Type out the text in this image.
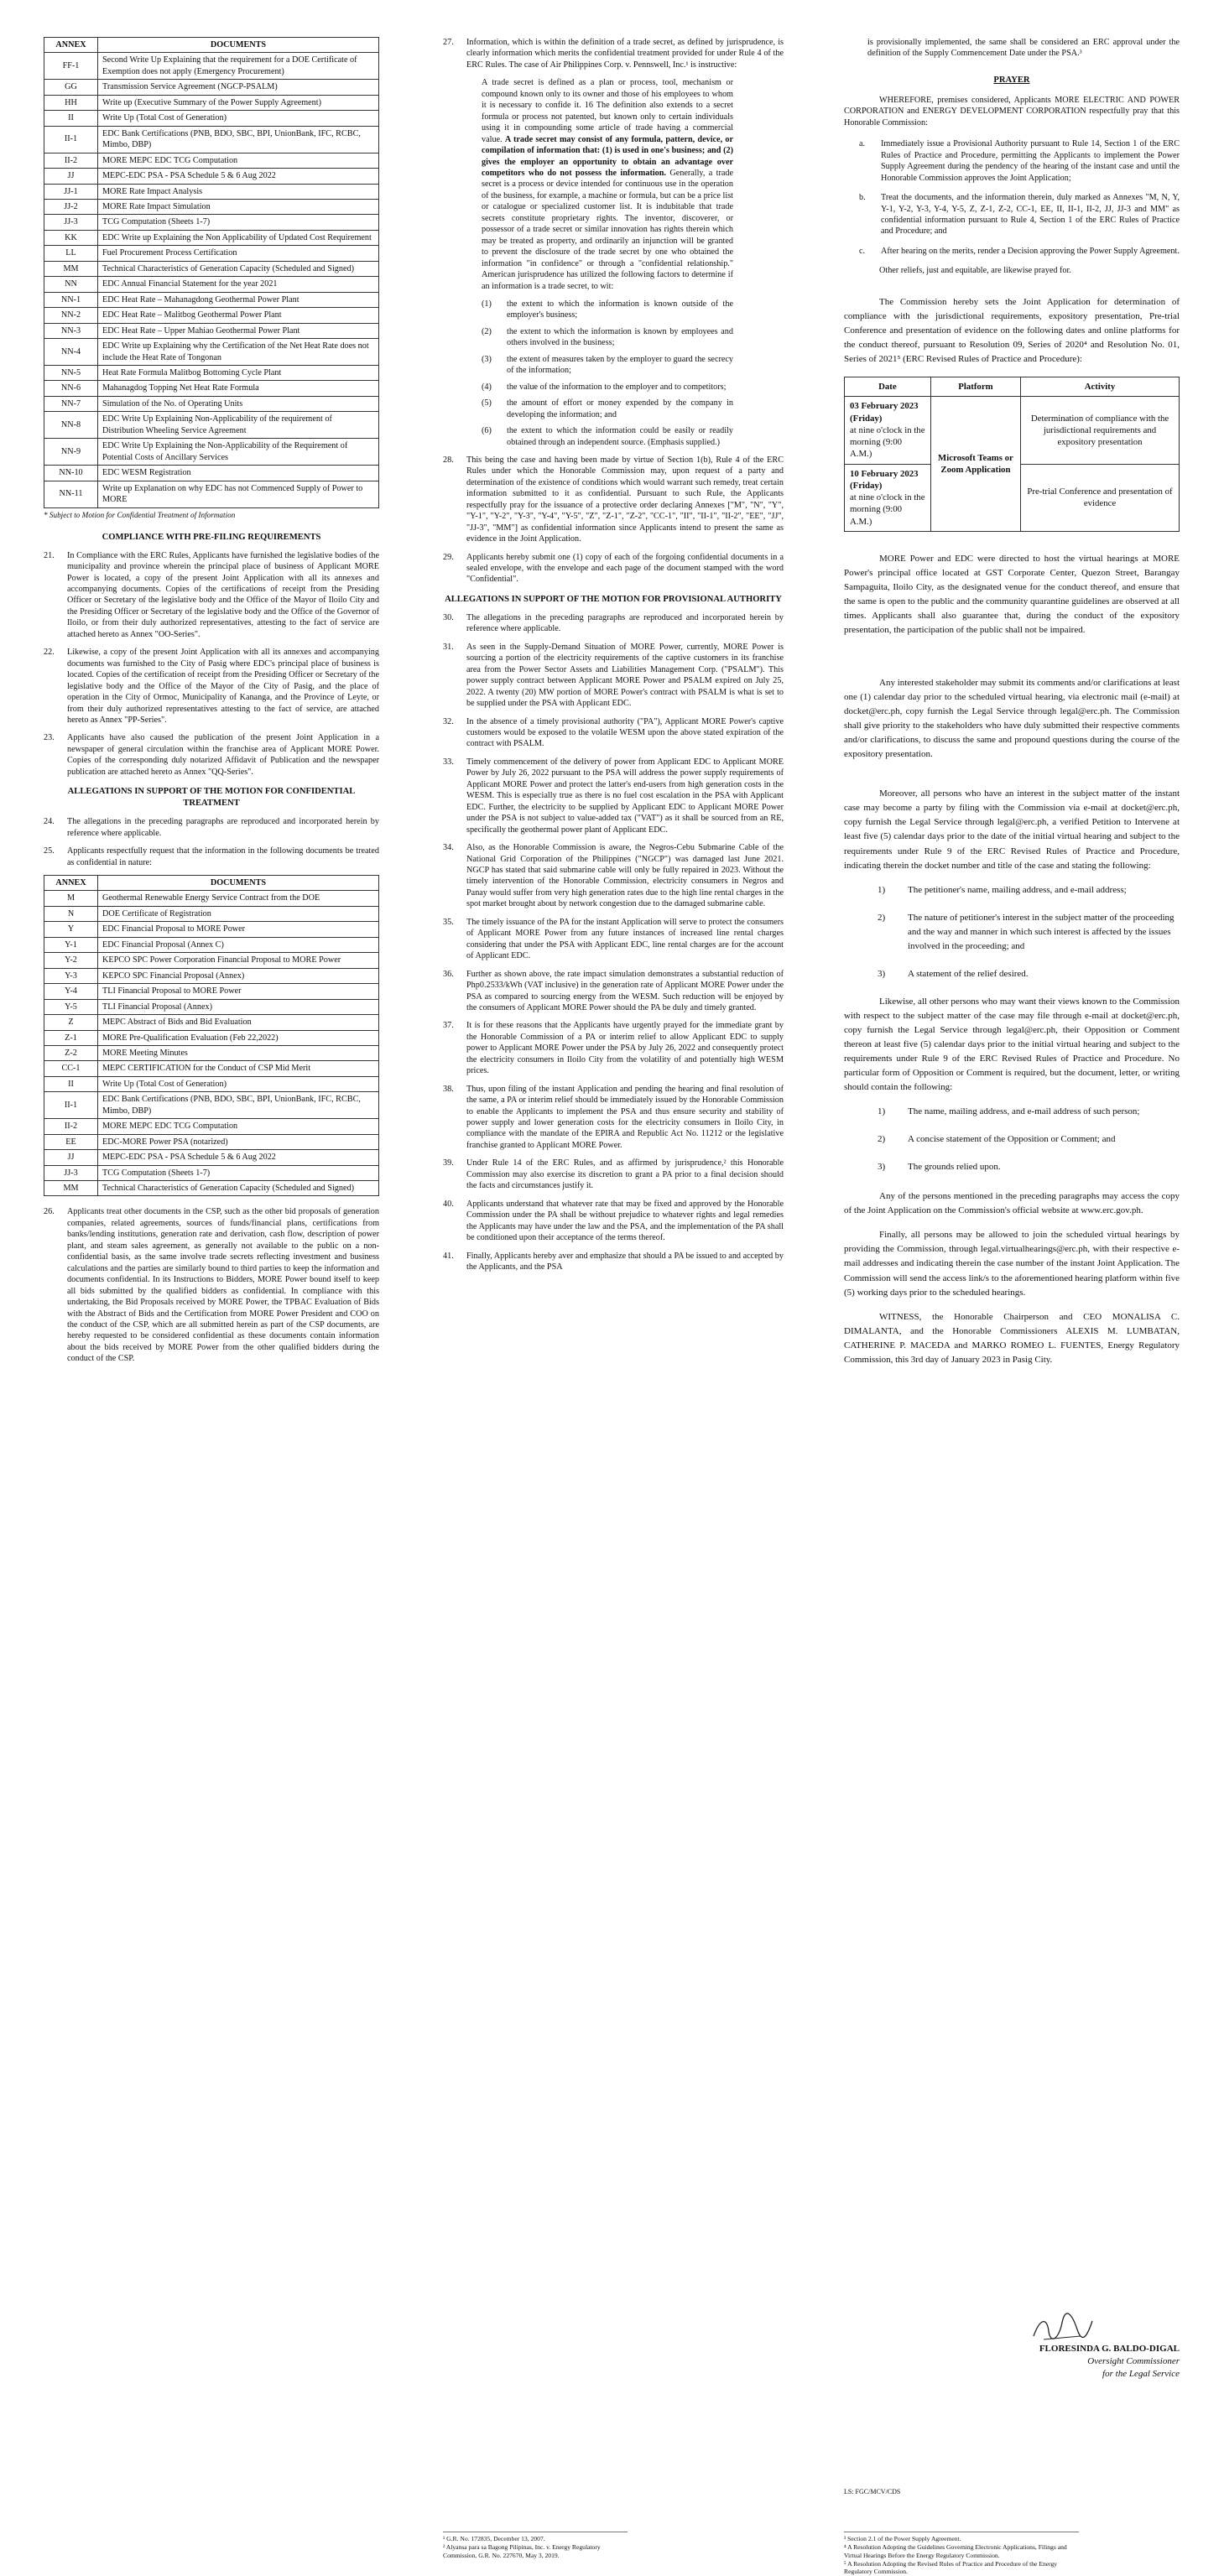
ANNEX	DOCUMENTS
FF-1	Second Write Up Explaining that the requirement for a DOE Certificate of Exemption does not apply (Emergency Procurement)
GG	Transmission Service Agreement (NGCP-PSALM)
HH	Write up (Executive Summary of the Power Supply Agreement)
II	Write Up (Total Cost of Generation)
II-1	EDC Bank Certifications (PNB, BDO, SBC, BPI, UnionBank, IFC, RCBC, Mimbo, DBP)
II-2	MORE MEPC EDC TCG Computation
JJ	MEPC-EDC PSA - PSA Schedule 5 & 6 Aug 2022
JJ-1	MORE Rate Impact Analysis
JJ-2	MORE Rate Impact Simulation
JJ-3	TCG Computation (Sheets 1-7)
KK	EDC Write up Explaining the Non Applicability of Updated Cost Requirement
LL	Fuel Procurement Process Certification
MM	Technical Characteristics of Generation Capacity (Scheduled and Signed)
NN	EDC Annual Financial Statement for the year 2021
NN-1	EDC Heat Rate – Mahanagdong Geothermal Power Plant
NN-2	EDC Heat Rate – Malitbog Geothermal Power Plant
NN-3	EDC Heat Rate – Upper Mahiao Geothermal Power Plant
NN-4	EDC Write up Explaining why the Certification of the Net Heat Rate does not include the Heat Rate of Tongonan
NN-5	Heat Rate Formula Malitbog Bottoming Cycle Plant
NN-6	Mahanagdog Topping Net Heat Rate Formula
NN-7	Simulation of the No. of Operating Units
NN-8	EDC Write Up Explaining Non-Applicability of the requirement of Distribution Wheeling Service Agreement
NN-9	EDC Write Up Explaining the Non-Applicability of the Requirement of Potential Costs of Ancillary Services
NN-10	EDC WESM Registration
NN-11	Write up Explanation on why EDC has not Commenced Supply of Power to MORE
* Subject to Motion for Confidential Treatment of Information
COMPLIANCE WITH PRE-FILING REQUIREMENTS
21.	In Compliance with the ERC Rules, Applicants have furnished the legislative bodies of the municipality and province wherein the principal place of business of Applicant MORE Power is located, a copy of the present Joint Application with all its annexes and accompanying documents. Copies of the certifications of receipt from the Presiding Officer or Secretary of the legislative body and the Office of the Mayor of Iloilo City and the Presiding Officer or Secretary of the legislative body and the Office of the Governor of Iloilo, or from their duly authorized representatives, attesting to the fact of service are attached hereto as Annex "OO-Series".
22.	Likewise, a copy of the present Joint Application with all its annexes and accompanying documents was furnished to the City of Pasig where EDC's principal place of business is located. Copies of the certification of receipt from the Presiding Officer or Secretary of the legislative body and the Office of the Mayor of the City of Pasig, and the place of operation in the City of Ormoc, Municipality of Kananga, and the Province of Leyte, or from their duly authorized representatives attesting to the fact of service, are attached hereto as Annex "PP-Series".
23.	Applicants have also caused the publication of the present Joint Application in a newspaper of general circulation within the franchise area of Applicant MORE Power. Copies of the corresponding duly notarized Affidavit of Publication and the newspaper publication are attached hereto as Annex "QQ-Series".
ALLEGATIONS IN SUPPORT OF THE MOTION FOR CONFIDENTIAL TREATMENT
24.	The allegations in the preceding paragraphs are reproduced and incorporated herein by reference where applicable.
25.	Applicants respectfully request that the information in the following documents be treated as confidential in nature:
ANNEX	DOCUMENTS
M	Geothermal Renewable Energy Service Contract from the DOE
N	DOE Certificate of Registration
Y	EDC Financial Proposal to MORE Power
Y-1	EDC Financial Proposal (Annex C)
Y-2	KEPCO SPC Power Corporation Financial Proposal to MORE Power
Y-3	KEPCO SPC Financial Proposal (Annex)
Y-4	TLI Financial Proposal to MORE Power
Y-5	TLI Financial Proposal (Annex)
Z	MEPC Abstract of Bids and Bid Evaluation
Z-1	MORE Pre-Qualification Evaluation (Feb 22,2022)
Z-2	MORE Meeting Minutes
CC-1	MEPC CERTIFICATION for the Conduct of CSP Mid Merit
II	Write Up (Total Cost of Generation)
II-1	EDC Bank Certifications (PNB, BDO, SBC, BPI, UnionBank, IFC, RCBC, Mimbo, DBP)
II-2	MORE MEPC EDC TCG Computation
EE	EDC-MORE Power PSA (notarized)
JJ	MEPC-EDC PSA - PSA Schedule 5 & 6 Aug 2022
JJ-3	TCG Computation (Sheets 1-7)
MM	Technical Characteristics of Generation Capacity (Scheduled and Signed)
26.	Applicants treat other documents in the CSP, such as the other bid proposals of generation companies, related agreements, sources of funds/financial plans, certifications from banks/lending institutions, generation rate and derivation, cash flow, description of power plant, and steam sales agreement, as generally not available to the public on a non-confidential basis, as the same involve trade secrets reflecting investment and business calculations and the parties are similarly bound to third parties to keep the information and documents confidential. In its Instructions to Bidders, MORE Power bound itself to keep all bids submitted by the qualified bidders as confidential. In compliance with this undertaking, the Bid Proposals received by MORE Power, the TPBAC Evaluation of Bids with the Abstract of Bids and the Certification from MORE Power President and COO on the conduct of the CSP, which are all submitted herein as part of the CSP documents, are hereby requested to be considered confidential as these documents contain information about the bids received by MORE Power from the other qualified bidders during the conduct of the CSP.
27.	Information, which is within the definition of a trade secret, as defined by jurisprudence, is clearly information which merits the confidential treatment provided for under Rule 4 of the ERC Rules. The case of Air Philippines Corp. v. Pennswell, Inc.¹ is instructive:
A trade secret is defined as a plan or process, tool, mechanism or compound known only to its owner and those of his employees to whom it is necessary to confide it. 16 The definition also extends to a secret formula or process not patented, but known only to certain individuals using it in compounding some article of trade having a commercial value. A trade secret may consist of any formula, pattern, device, or compilation of information that: (1) is used in one's business; and (2) gives the employer an opportunity to obtain an advantage over competitors who do not possess the information. Generally, a trade secret is a process or device intended for continuous use in the operation of the business, for example, a machine or formula, but can be a price list or catalogue or specialized customer list. It is indubitable that trade secrets constitute proprietary rights. The inventor, discoverer, or possessor of a trade secret or similar innovation has rights therein which may be treated as property, and ordinarily an injunction will be granted to prevent the disclosure of the trade secret by one who obtained the information "in confidence" or through a "confidential relationship." American jurisprudence has utilized the following factors to determine if an information is a trade secret, to wit:
(1)	the extent to which the information is known outside of the employer's business;
(2)	the extent to which the information is known by employees and others involved in the business;
(3)	the extent of measures taken by the employer to guard the secrecy of the information;
(4)	the value of the information to the employer and to competitors;
(5)	the amount of effort or money expended by the company in developing the information; and
(6)	the extent to which the information could be easily or readily obtained through an independent source. (Emphasis supplied.)
28.	This being the case and having been made by virtue of Section 1(b), Rule 4 of the ERC Rules under which the Honorable Commission may, upon request of a party and determination of the existence of conditions which would warrant such remedy, treat certain information submitted to it as confidential. Pursuant to such Rule, the Applicants respectfully pray for the issuance of a protective order declaring Annexes ["M", "N", "Y", "Y-1", "Y-2", "Y-3", "Y-4", "Y-5", "Z", "Z-1", "Z-2", "CC-1", "II", "II-1", "II-2", "EE", "JJ", "JJ-3", "MM"] as confidential information since Applicants intend to present the same as evidence in the Joint Application.
29.	Applicants hereby submit one (1) copy of each of the forgoing confidential documents in a sealed envelope, with the envelope and each page of the document stamped with the word "Confidential".
ALLEGATIONS IN SUPPORT OF THE MOTION FOR PROVISIONAL AUTHORITY
30.	The allegations in the preceding paragraphs are reproduced and incorporated herein by reference where applicable.
31.	As seen in the Supply-Demand Situation of MORE Power, currently, MORE Power is sourcing a portion of the electricity requirements of the captive customers in its franchise area from the Power Sector Assets and Liabilities Management Corp. ("PSALM"). This power supply contract between Applicant MORE Power and PSALM expired on July 25, 2022. A twenty (20) MW portion of MORE Power's contract with PSALM is what is set to be supplied under the PSA with Applicant EDC.
32.	In the absence of a timely provisional authority ("PA"), Applicant MORE Power's captive customers would be exposed to the volatile WESM upon the above stated expiration of the contract with PSALM.
33.	Timely commencement of the delivery of power from Applicant EDC to Applicant MORE Power by July 26, 2022 pursuant to the PSA will address the power supply requirements of Applicant MORE Power and protect the latter's end-users from high generation costs in the WESM. This is especially true as there is no fuel cost escalation in the PSA with Applicant EDC. Further, the electricity to be supplied by Applicant EDC to Applicant MORE Power under the PSA is not subject to value-added tax ("VAT") as it shall be sourced from an RE, specifically the geothermal power plant of Applicant EDC.
34.	Also, as the Honorable Commission is aware, the Negros-Cebu Submarine Cable of the National Grid Corporation of the Philippines ("NGCP") was damaged last June 2021. NGCP has stated that said submarine cable will only be fully repaired in 2023. Without the timely intervention of the Honorable Commission, electricity consumers in Negros and Panay would suffer from very high generation rates due to the high line rental charges in the spot market brought about by network congestion due to the damaged submarine cable.
35.	The timely issuance of the PA for the instant Application will serve to protect the consumers of Applicant MORE Power from any future instances of increased line rental charges considering that under the PSA with Applicant EDC, line rental charges are for the account of Applicant EDC.
36.	Further as shown above, the rate impact simulation demonstrates a substantial reduction of Php0.2533/kWh (VAT inclusive) in the generation rate of Applicant MORE Power under the PSA as compared to sourcing energy from the WESM. Such reduction will be enjoyed by the consumers of Applicant MORE Power should the PA be duly and timely granted.
37.	It is for these reasons that the Applicants have urgently prayed for the immediate grant by the Honorable Commission of a PA or interim relief to allow Applicant EDC to supply power to Applicant MORE Power under the PSA by July 26, 2022 and consequently protect the electricity consumers in Iloilo City from the volatility of and potentially high WESM prices.
38.	Thus, upon filing of the instant Application and pending the hearing and final resolution of the same, a PA or interim relief should be immediately issued by the Honorable Commission to enable the Applicants to implement the PSA and thus ensure security and stability of power supply and lower generation costs for the electricity consumers in Iloilo City, in compliance with the mandate of the EPIRA and Republic Act No. 11212 or the legislative franchise granted to Applicant MORE Power.
39.	Under Rule 14 of the ERC Rules, and as affirmed by jurisprudence,² this Honorable Commission may also exercise its discretion to grant a PA prior to a final decision should the facts and circumstances justify it.
40.	Applicants understand that whatever rate that may be fixed and approved by the Honorable Commission under the PA shall be without prejudice to whatever rights and legal remedies the Applicants may have under the law and the PSA, and the implementation of the PA shall be conditioned upon their acceptance of the terms thereof.
41.	Finally, Applicants hereby aver and emphasize that should a PA be issued to and accepted by the Applicants, and the PSA
¹ G.R. No. 172835, December 13, 2007.
² Alyansa para sa Bagong Pilipinas, Inc. v. Energy Regulatory Commission, G.R. No. 227670, May 3, 2019.
is provisionally implemented, the same shall be considered an ERC approval under the definition of the Supply Commencement Date under the PSA.³
PRAYER
WHEREFORE, premises considered, Applicants MORE ELECTRIC AND POWER CORPORATION and ENERGY DEVELOPMENT CORPORATION respectfully pray that this Honorable Commission:
a.	Immediately issue a Provisional Authority pursuant to Rule 14, Section 1 of the ERC Rules of Practice and Procedure, permitting the Applicants to implement the Power Supply Agreement during the pendency of the hearing of the instant case and until the Honorable Commission approves the Joint Application;
b.	Treat the documents, and the information therein, duly marked as Annexes "M, N, Y, Y-1, Y-2, Y-3, Y-4, Y-5, Z, Z-1, Z-2, CC-1, EE, II, II-1, II-2, JJ, JJ-3 and MM" as confidential information pursuant to Rule 4, Section 1 of the ERC Rules of Practice and Procedure; and
c.	After hearing on the merits, render a Decision approving the Power Supply Agreement.
Other reliefs, just and equitable, are likewise prayed for.
The Commission hereby sets the Joint Application for determination of compliance with the jurisdictional requirements, expository presentation, Pre-trial Conference and presentation of evidence on the following dates and online platforms for the conduct thereof, pursuant to Resolution 09, Series of 2020⁴ and Resolution No. 01, Series of 2021⁵ (ERC Revised Rules of Practice and Procedure):
Date	Platform	Activity
03 February 2023 (Friday)
at nine o'clock in the morning (9:00 A.M.)	Microsoft Teams or Zoom Application	Determination of compliance with the jurisdictional requirements and expository presentation
10 February 2023 (Friday)
at nine o'clock in the morning (9:00 A.M.)		Pre-trial Conference and presentation of evidence
MORE Power and EDC were directed to host the virtual hearings at MORE Power's principal office located at GST Corporate Center, Quezon Street, Barangay Sampaguita, Iloilo City, as the designated venue for the conduct thereof, and ensure that the same is open to the public and the community quarantine guidelines are observed at all times. Applicants shall also guarantee that, during the conduct of the expository presentation, the participation of the public shall not be impaired.
Any interested stakeholder may submit its comments and/or clarifications at least one (1) calendar day prior to the scheduled virtual hearing, via electronic mail (e-mail) at docket@erc.ph, copy furnish the Legal Service through legal@erc.ph. The Commission shall give priority to the stakeholders who have duly submitted their respective comments and/or clarifications, to discuss the same and propound questions during the course of the expository presentation.
Moreover, all persons who have an interest in the subject matter of the instant case may become a party by filing with the Commission via e-mail at docket@erc.ph, copy furnish the Legal Service through legal@erc.ph, a verified Petition to Intervene at least five (5) calendar days prior to the date of the initial virtual hearing and subject to the requirements under Rule 9 of the ERC Revised Rules of Practice and Procedure, indicating therein the docket number and title of the case and stating the following:
1)	The petitioner's name, mailing address, and e-mail address;
2)	The nature of petitioner's interest in the subject matter of the proceeding and the way and manner in which such interest is affected by the issues involved in the proceeding; and
3)	A statement of the relief desired.
Likewise, all other persons who may want their views known to the Commission with respect to the subject matter of the case may file through e-mail at docket@erc.ph, copy furnish the Legal Service through legal@erc.ph, their Opposition or Comment thereon at least five (5) calendar days prior to the initial virtual hearing and subject to the requirements under Rule 9 of the ERC Revised Rules of Practice and Procedure. No particular form of Opposition or Comment is required, but the document, letter, or writing should contain the following:
1)	The name, mailing address, and e-mail address of such person;
2)	A concise statement of the Opposition or Comment; and
3)	The grounds relied upon.
Any of the persons mentioned in the preceding paragraphs may access the copy of the Joint Application on the Commission's official website at www.erc.gov.ph.
Finally, all persons may be allowed to join the scheduled virtual hearings by providing the Commission, through legal.virtualhearings@erc.ph, with their respective e-mail addresses and indicating therein the case number of the instant Joint Application. The Commission will send the access link/s to the aforementioned hearing platform within five (5) working days prior to the scheduled hearings.
WITNESS, the Honorable Chairperson and CEO MONALISA C. DIMALANTA, and the Honorable Commissioners ALEXIS M. LUMBATAN, CATHERINE P. MACEDA and MARKO ROMEO L. FUENTES, Energy Regulatory Commission, this 3rd day of January 2023 in Pasig City.
FLORESINDA G. BALDO-DIGAL
Oversight Commissioner
for the Legal Service
LS: FGC/MCV/CDS
³ Section 2.1 of the Power Supply Agreement.
⁴ A Resolution Adopting the Guidelines Governing Electronic Applications, Filings and Virtual Hearings Before the Energy Regulatory Commission.
⁵ A Resolution Adopting the Revised Rules of Practice and Procedure of the Energy Regulatory Commission.
